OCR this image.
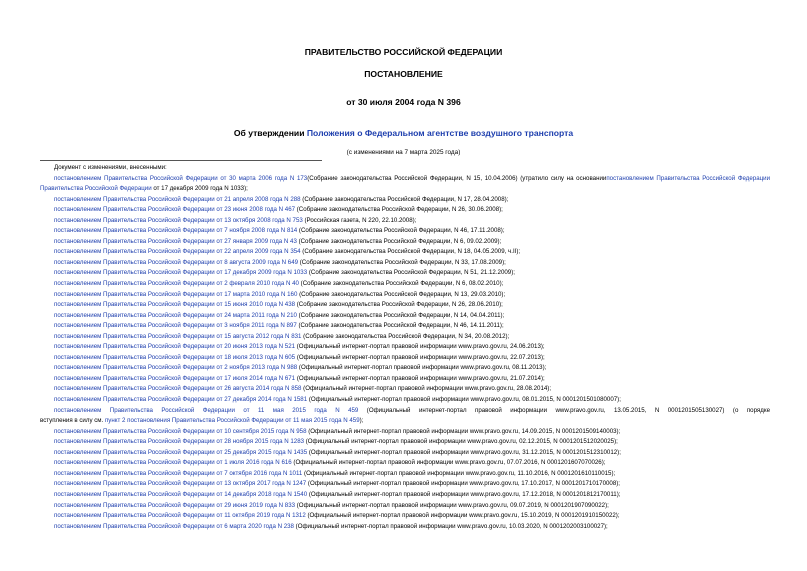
ПРАВИТЕЛЬСТВО РОССИЙСКОЙ ФЕДЕРАЦИИ
ПОСТАНОВЛЕНИЕ
от 30 июля 2004 года N 396
Об утверждении Положения о Федеральном агентстве воздушного транспорта
(с изменениями на 7 марта 2025 года)
Документ с изменениями, внесенными:
постановлением Правительства Российской Федерации от 30 марта 2006 года N 173(Собрание законодательства Российской Федерации, N 15, 10.04.2006) (утратило силу на основаниипостановлением Правительства Российской Федерации
Правительства Российской Федерации от 17 декабря 2009 года N 1033);
постановлением Правительства Российской Федерации от 21 апреля 2008 года N 288 (Собрание законодательства Российской Федерации, N 17, 28.04.2008);
постановлением Правительства Российской Федерации от 23 июня 2008 года N 467 (Собрание законодательства Российской Федерации, N 26, 30.06.2008);
постановлением Правительства Российской Федерации от 13 октября 2008 года N 753 (Российская газета, N 220, 22.10.2008);
постановлением Правительства Российской Федерации от 7 ноября 2008 года N 814 (Собрание законодательства Российской Федерации, N 46, 17.11.2008);
постановлением Правительства Российской Федерации от 27 января 2009 года N 43 (Собрание законодательства Российской Федерации, N 6, 09.02.2009);
постановлением Правительства Российской Федерации от 22 апреля 2009 года N 354 (Собрание законодательства Российской Федерации, N 18, 04.05.2009, ч.II);
постановлением Правительства Российской Федерации от 8 августа 2009 года N 649 (Собрание законодательства Российской Федерации, N 33, 17.08.2009);
постановлением Правительства Российской Федерации от 17 декабря 2009 года N 1033 (Собрание законодательства Российской Федерации, N 51, 21.12.2009);
постановлением Правительства Российской Федерации от 2 февраля 2010 года N 40 (Собрание законодательства Российской Федерации, N 6, 08.02.2010);
постановлением Правительства Российской Федерации от 17 марта 2010 года N 160 (Собрание законодательства Российской Федерации, N 13, 29.03.2010);
постановлением Правительства Российской Федерации от 15 июня 2010 года N 438 (Собрание законодательства Российской Федерации, N 26, 28.06.2010);
постановлением Правительства Российской Федерации от 24 марта 2011 года N 210 (Собрание законодательства Российской Федерации, N 14, 04.04.2011);
постановлением Правительства Российской Федерации от 3 ноября 2011 года N 897 (Собрание законодательства Российской Федерации, N 46, 14.11.2011);
постановлением Правительства Российской Федерации от 15 августа 2012 года N 831 (Собрание законодательства Российской Федерации, N 34, 20.08.2012);
постановлением Правительства Российской Федерации от 20 июня 2013 года N 521 (Официальный интернет-портал правовой информации www.pravo.gov.ru, 24.06.2013);
постановлением Правительства Российской Федерации от 18 июля 2013 года N 605 (Официальный интернет-портал правовой информации www.pravo.gov.ru, 22.07.2013);
постановлением Правительства Российской Федерации от 2 ноября 2013 года N 988 (Официальный интернет-портал правовой информации www.pravo.gov.ru, 08.11.2013);
постановлением Правительства Российской Федерации от 17 июля 2014 года N 671 (Официальный интернет-портал правовой информации www.pravo.gov.ru, 21.07.2014);
постановлением Правительства Российской Федерации от 26 августа 2014 года N 858 (Официальный интернет-портал правовой информации www.pravo.gov.ru, 28.08.2014);
постановлением Правительства Российской Федерации от 27 декабря 2014 года N 1581 (Официальный интернет-портал правовой информации www.pravo.gov.ru, 08.01.2015, N 0001201501080007);
постановлением Правительства Российской Федерации от 11 мая 2015 года N 459 (Официальный интернет-портал правовой информации www.pravo.gov.ru, 13.05.2015, N 0001201505130027) (о порядке
вступления в силу см. пункт 2 постановления Правительства Российской Федерации от 11 мая 2015 года N 459);
постановлением Правительства Российской Федерации от 10 сентября 2015 года N 958 (Официальный интернет-портал правовой информации www.pravo.gov.ru, 14.09.2015, N 0001201509140003);
постановлением Правительства Российской Федерации от 28 ноября 2015 года N 1283 (Официальный интернет-портал правовой информации www.pravo.gov.ru, 02.12.2015, N 0001201512020025);
постановлением Правительства Российской Федерации от 25 декабря 2015 года N 1435 (Официальный интернет-портал правовой информации www.pravo.gov.ru, 31.12.2015, N 0001201512310012);
постановлением Правительства Российской Федерации от 1 июля 2016 года N 616 (Официальный интернет-портал правовой информации www.pravo.gov.ru, 07.07.2016, N 0001201607070026);
постановлением Правительства Российской Федерации от 7 октября 2016 года N 1011 (Официальный интернет-портал правовой информации www.pravo.gov.ru, 11.10.2016, N 0001201610110015);
постановлением Правительства Российской Федерации от 13 октября 2017 года N 1247 (Официальный интернет-портал правовой информации www.pravo.gov.ru, 17.10.2017, N 0001201710170008);
постановлением Правительства Российской Федерации от 14 декабря 2018 года N 1540 (Официальный интернет-портал правовой информации www.pravo.gov.ru, 17.12.2018, N 0001201812170011);
постановлением Правительства Российской Федерации от 29 июня 2019 года N 833 (Официальный интернет-портал правовой информации www.pravo.gov.ru, 09.07.2019, N 0001201907090022);
постановлением Правительства Российской Федерации от 11 октября 2019 года N 1312 (Официальный интернет-портал правовой информации www.pravo.gov.ru, 15.10.2019, N 0001201910150022);
постановлением Правительства Российской Федерации от 6 марта 2020 года N 238 (Официальный интернет-портал правовой информации www.pravo.gov.ru, 10.03.2020, N 0001202003100027);
